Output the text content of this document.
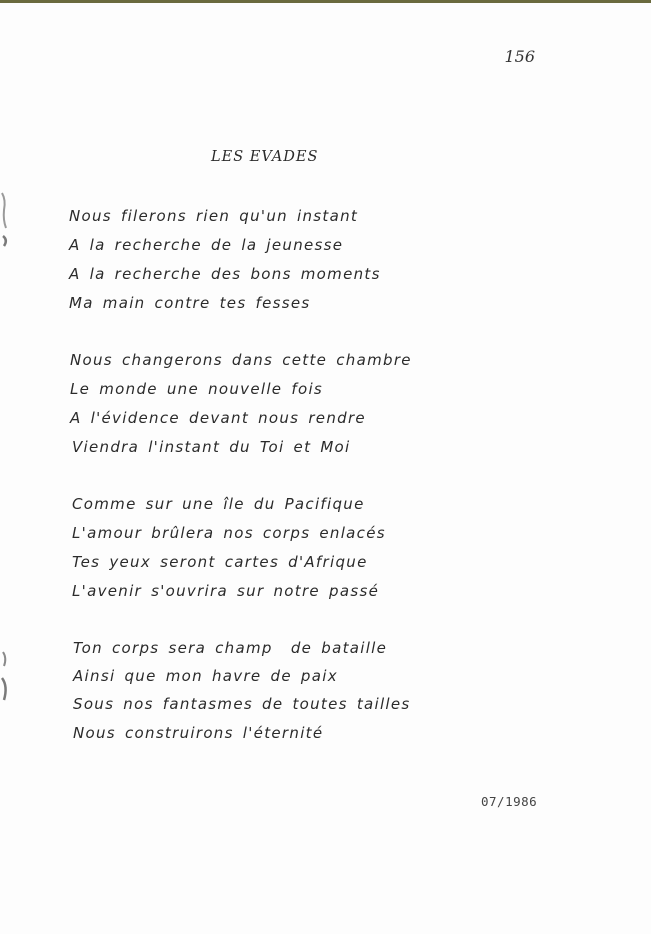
156
LES EVADES
Nous filerons rien qu'un instant
A la recherche de la jeunesse
A la recherche des bons moments
Ma main contre tes fesses
Nous changerons dans cette chambre
Le monde une nouvelle fois
A l'évidence devant nous rendre
Viendra l'instant du Toi et Moi
Comme sur une île du Pacifique
L'amour brûlera nos corps enlacés
Tes yeux seront cartes d'Afrique
L'avenir s'ouvrira sur notre passé
Ton corps sera champ  de bataille
Ainsi que mon havre de paix
Sous nos fantasmes de toutes tailles
Nous construirons l'éternité
07/1986
